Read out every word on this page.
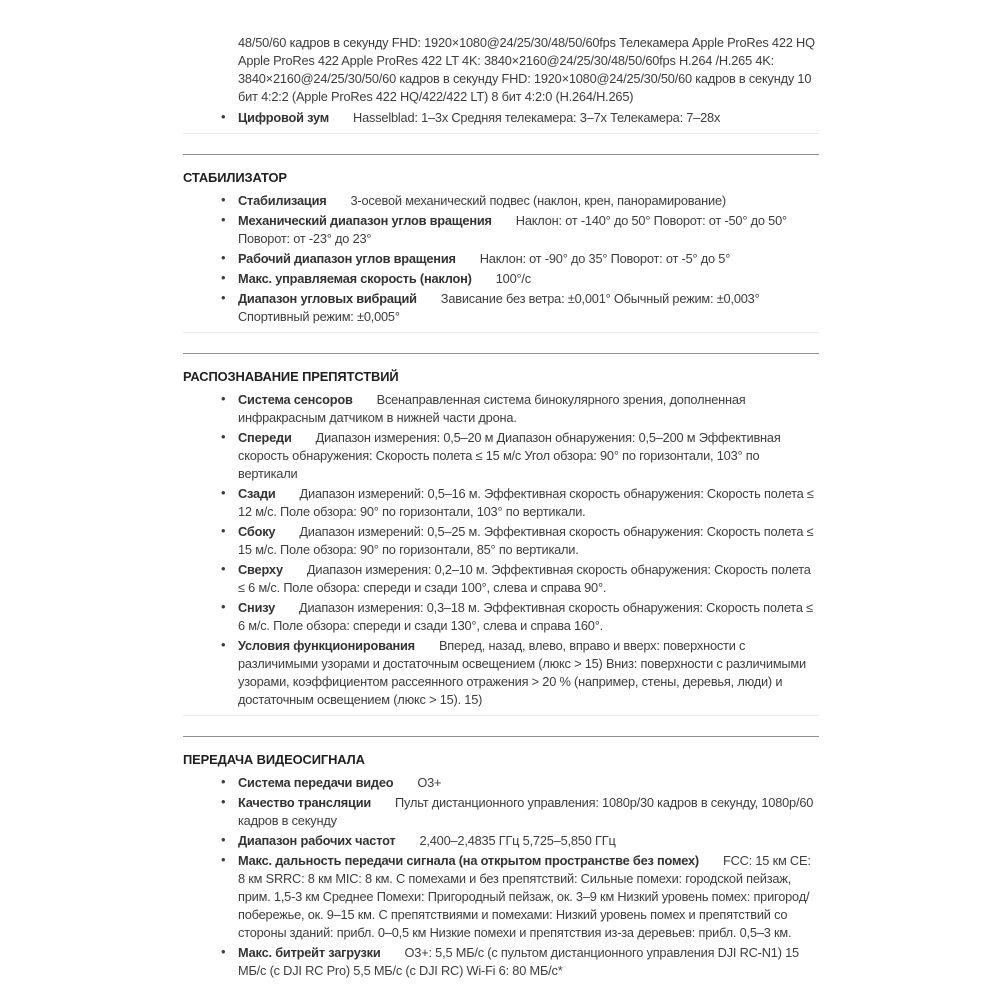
48/50/60 кадров в секунду FHD: 1920×1080@24/25/30/48/50/60fps Телекамера Apple ProRes 422 HQ Apple ProRes 422 Apple ProRes 422 LT 4K: 3840×2160@24/25/30/48/50/60fps H.264 /H.265 4K: 3840×2160@24/25/30/50/60 кадров в секунду FHD: 1920×1080@24/25/30/50/60 кадров в секунду 10 бит 4:2:2 (Apple ProRes 422 HQ/422/422 LT) 8 бит 4:2:0 (H.264/H.265)

• Цифровой зум Hasselblad: 1–3x Средняя телекамера: 3–7x Телекамера: 7–28x
СТАБИЛИЗАТОР
• Стабилизация 3-осевой механический подвес (наклон, крен, панорамирование)
• Механический диапазон углов вращения Наклон: от -140° до 50° Поворот: от -50° до 50° Поворот: от -23° до 23°
• Рабочий диапазон углов вращения Наклон: от -90° до 35° Поворот: от -5° до 5°
• Макс. управляемая скорость (наклон) 100°/с
• Диапазон угловых вибраций Зависание без ветра: ±0,001° Обычный режим: ±0,003° Спортивный режим: ±0,005°
РАСПОЗНАВАНИЕ ПРЕПЯТСТВИЙ
• Система сенсоров Всенаправленная система бинокулярного зрения, дополненная инфракрасным датчиком в нижней части дрона.
• Спереди Диапазон измерения: 0,5–20 м Диапазон обнаружения: 0,5–200 м Эффективная скорость обнаружения: Скорость полета ≤ 15 м/с Угол обзора: 90° по горизонтали, 103° по вертикали
• Сзади Диапазон измерений: 0,5–16 м. Эффективная скорость обнаружения: Скорость полета ≤ 12 м/с. Поле обзора: 90° по горизонтали, 103° по вертикали.
• Сбоку Диапазон измерений: 0,5–25 м. Эффективная скорость обнаружения: Скорость полета ≤ 15 м/с. Поле обзора: 90° по горизонтали, 85° по вертикали.
• Сверху Диапазон измерения: 0,2–10 м. Эффективная скорость обнаружения: Скорость полета ≤ 6 м/с. Поле обзора: спереди и сзади 100°, слева и справа 90°.
• Снизу Диапазон измерения: 0,3–18 м. Эффективная скорость обнаружения: Скорость полета ≤ 6 м/с. Поле обзора: спереди и сзади 130°, слева и справа 160°.
• Условия функционирования Вперед, назад, влево, вправо и вверх: поверхности с различимыми узорами и достаточным освещением (люкс > 15) Вниз: поверхности с различимыми узорами, коэффициентом рассеянного отражения > 20 % (например, стены, деревья, люди) и достаточным освещением (люкс > 15). 15)
ПЕРЕДАЧА ВИДЕОСИГНАЛА
• Система передачи видео O3+
• Качество трансляции Пульт дистанционного управления: 1080p/30 кадров в секунду, 1080p/60 кадров в секунду
• Диапазон рабочих частот 2,400–2,4835 ГГц 5,725–5,850 ГГц
• Макс. дальность передачи сигнала (на открытом пространстве без помех) FCC: 15 км CE: 8 км SRRC: 8 км MIC: 8 км. С помехами и без препятствий: Сильные помехи: городской пейзаж, прим. 1,5-3 км Среднее Помехи: Пригородный пейзаж, ок. 3–9 км Низкий уровень помех: пригород/побережье, ок. 9–15 км. С препятствиями и помехами: Низкий уровень помех и препятствий со стороны зданий: прибл. 0–0,5 км Низкие помехи и препятствия из-за деревьев: прибл. 0,5–3 км.
• Макс. битрейт загрузки O3+: 5,5 МБ/с (с пультом дистанционного управления DJI RC-N1) 15 МБ/с (с DJI RC Pro) 5,5 МБ/с (с DJI RC) Wi-Fi 6: 80 МБ/с*
